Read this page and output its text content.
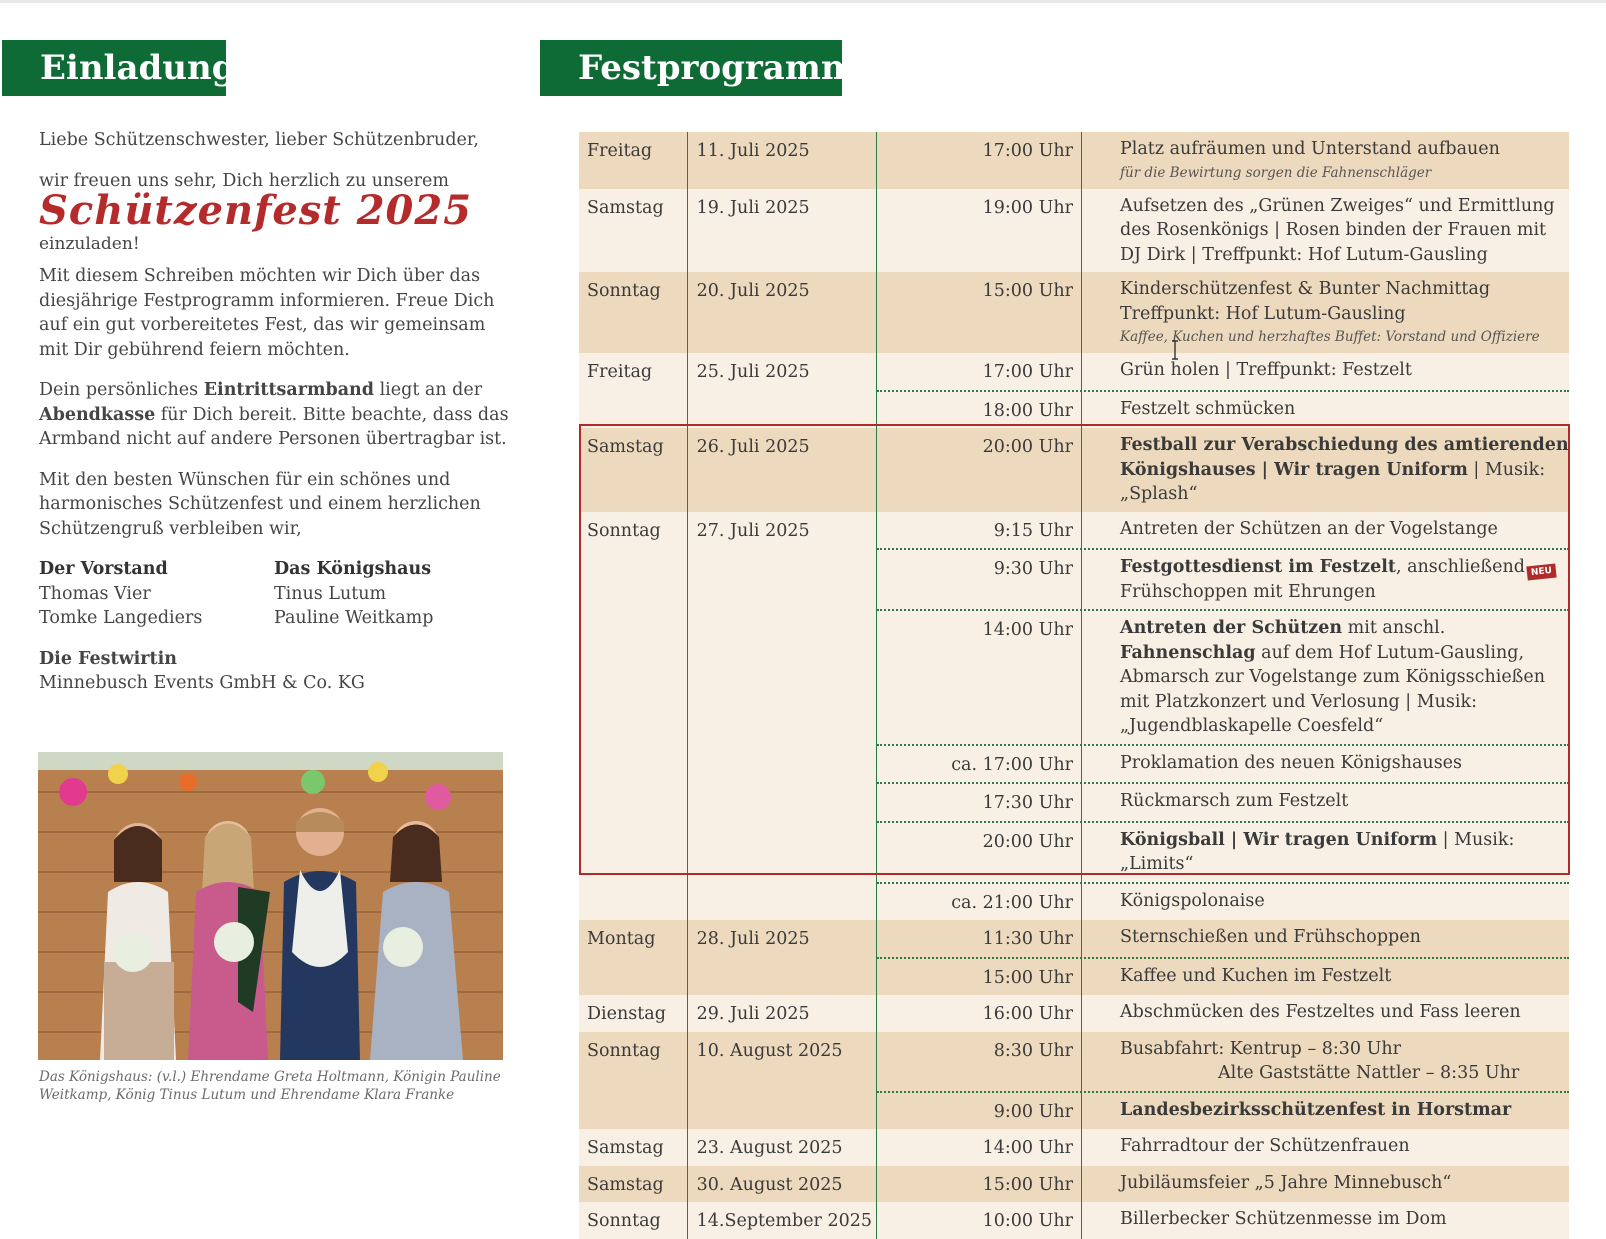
Einladung	Festprogramm

Liebe Schützenschwester, lieber Schützenbruder,

wir freuen uns sehr, Dich herzlich zu unserem

Schützenfest 2025 einzuladen!

Mit diesem Schreiben möchten wir Dich über das diesjährige Festprogramm informieren. Freue Dich auf ein gut vorbereitetes Fest, das wir gemeinsam mit Dir gebührend feiern möchten.

Dein persönliches Eintrittsarmband liegt an der Abendkasse für Dich bereit. Bitte beachte, dass das Armband nicht auf andere Personen übertragbar ist.

Mit den besten Wünschen für ein schönes und harmonisches Schützenfest und einem herzlichen Schützengruß verbleiben wir,

Der Vorstand
Thomas Vier
Tomke Langediers
Das Königshaus
Tinus Lutum
Pauline Weitkamp
Die Festwirtin
Minnebusch Events GmbH & Co. KG
Das Königshaus: (v.l.) Ehrendame Greta Holtmann, Königin Pauline Weitkamp, König Tinus Lutum und Ehrendame Klara Franke
Freitag	11. Juli 2025	17:00 Uhr	Platz aufräumen und Unterstand aufbauen
für die Bewirtung sorgen die Fahnenschläger
Samstag	19. Juli 2025	19:00 Uhr	Aufsetzen des „Grünen Zweiges“ und Ermittlung des Rosenkönigs | Rosen binden der Frauen mit DJ Dirk | Treffpunkt: Hof Lutum-Gausling
Sonntag	20. Juli 2025	15:00 Uhr	Kinderschützenfest & Bunter Nachmittag
Treffpunkt: Hof Lutum-Gausling
Kaffee, Kuchen und herzhaftes Buffet: Vorstand und Offiziere
Freitag	25. Juli 2025	17:00 Uhr	Grün holen | Treffpunkt: Festzelt
18:00 Uhr	Festzelt schmücken
Samstag	26. Juli 2025	20:00 Uhr	Festball zur Verabschiedung des amtierenden Königshauses | Wir tragen Uniform | Musik: „Splash“
Sonntag	27. Juli 2025	9:15 Uhr	Antreten der Schützen an der Vogelstange
9:30 Uhr	Festgottesdienst im Festzelt, anschließend Frühschoppen mit Ehrungen
14:00 Uhr	Antreten der Schützen mit anschl. Fahnenschlag auf dem Hof Lutum-Gausling, Abmarsch zur Vogelstange zum Königsschießen mit Platzkonzert und Verlosung | Musik: „Jugendblaskapelle Coesfeld“
ca. 17:00 Uhr	Proklamation des neuen Königshauses
17:30 Uhr	Rückmarsch zum Festzelt
20:00 Uhr	Königsball | Wir tragen Uniform | Musik: „Limits“
ca. 21:00 Uhr	Königspolonaise
Montag	28. Juli 2025	11:30 Uhr	Sternschießen und Frühschoppen
15:00 Uhr	Kaffee und Kuchen im Festzelt
Dienstag	29. Juli 2025	16:00 Uhr	Abschmücken des Festzeltes und Fass leeren
Sonntag	10. August 2025	8:30 Uhr	Busabfahrt: Kentrup – 8:30 Uhr
Alte Gaststätte Nattler – 8:35 Uhr
9:00 Uhr	Landesbezirksschützenfest in Horstmar
Samstag	23. August 2025	14:00 Uhr	Fahrradtour der Schützenfrauen
Samstag	30. August 2025	15:00 Uhr	Jubiläumsfeier „5 Jahre Minnebusch“
Sonntag	14.September 2025	10:00 Uhr	Billerbecker Schützenmesse im Dom
NEU
